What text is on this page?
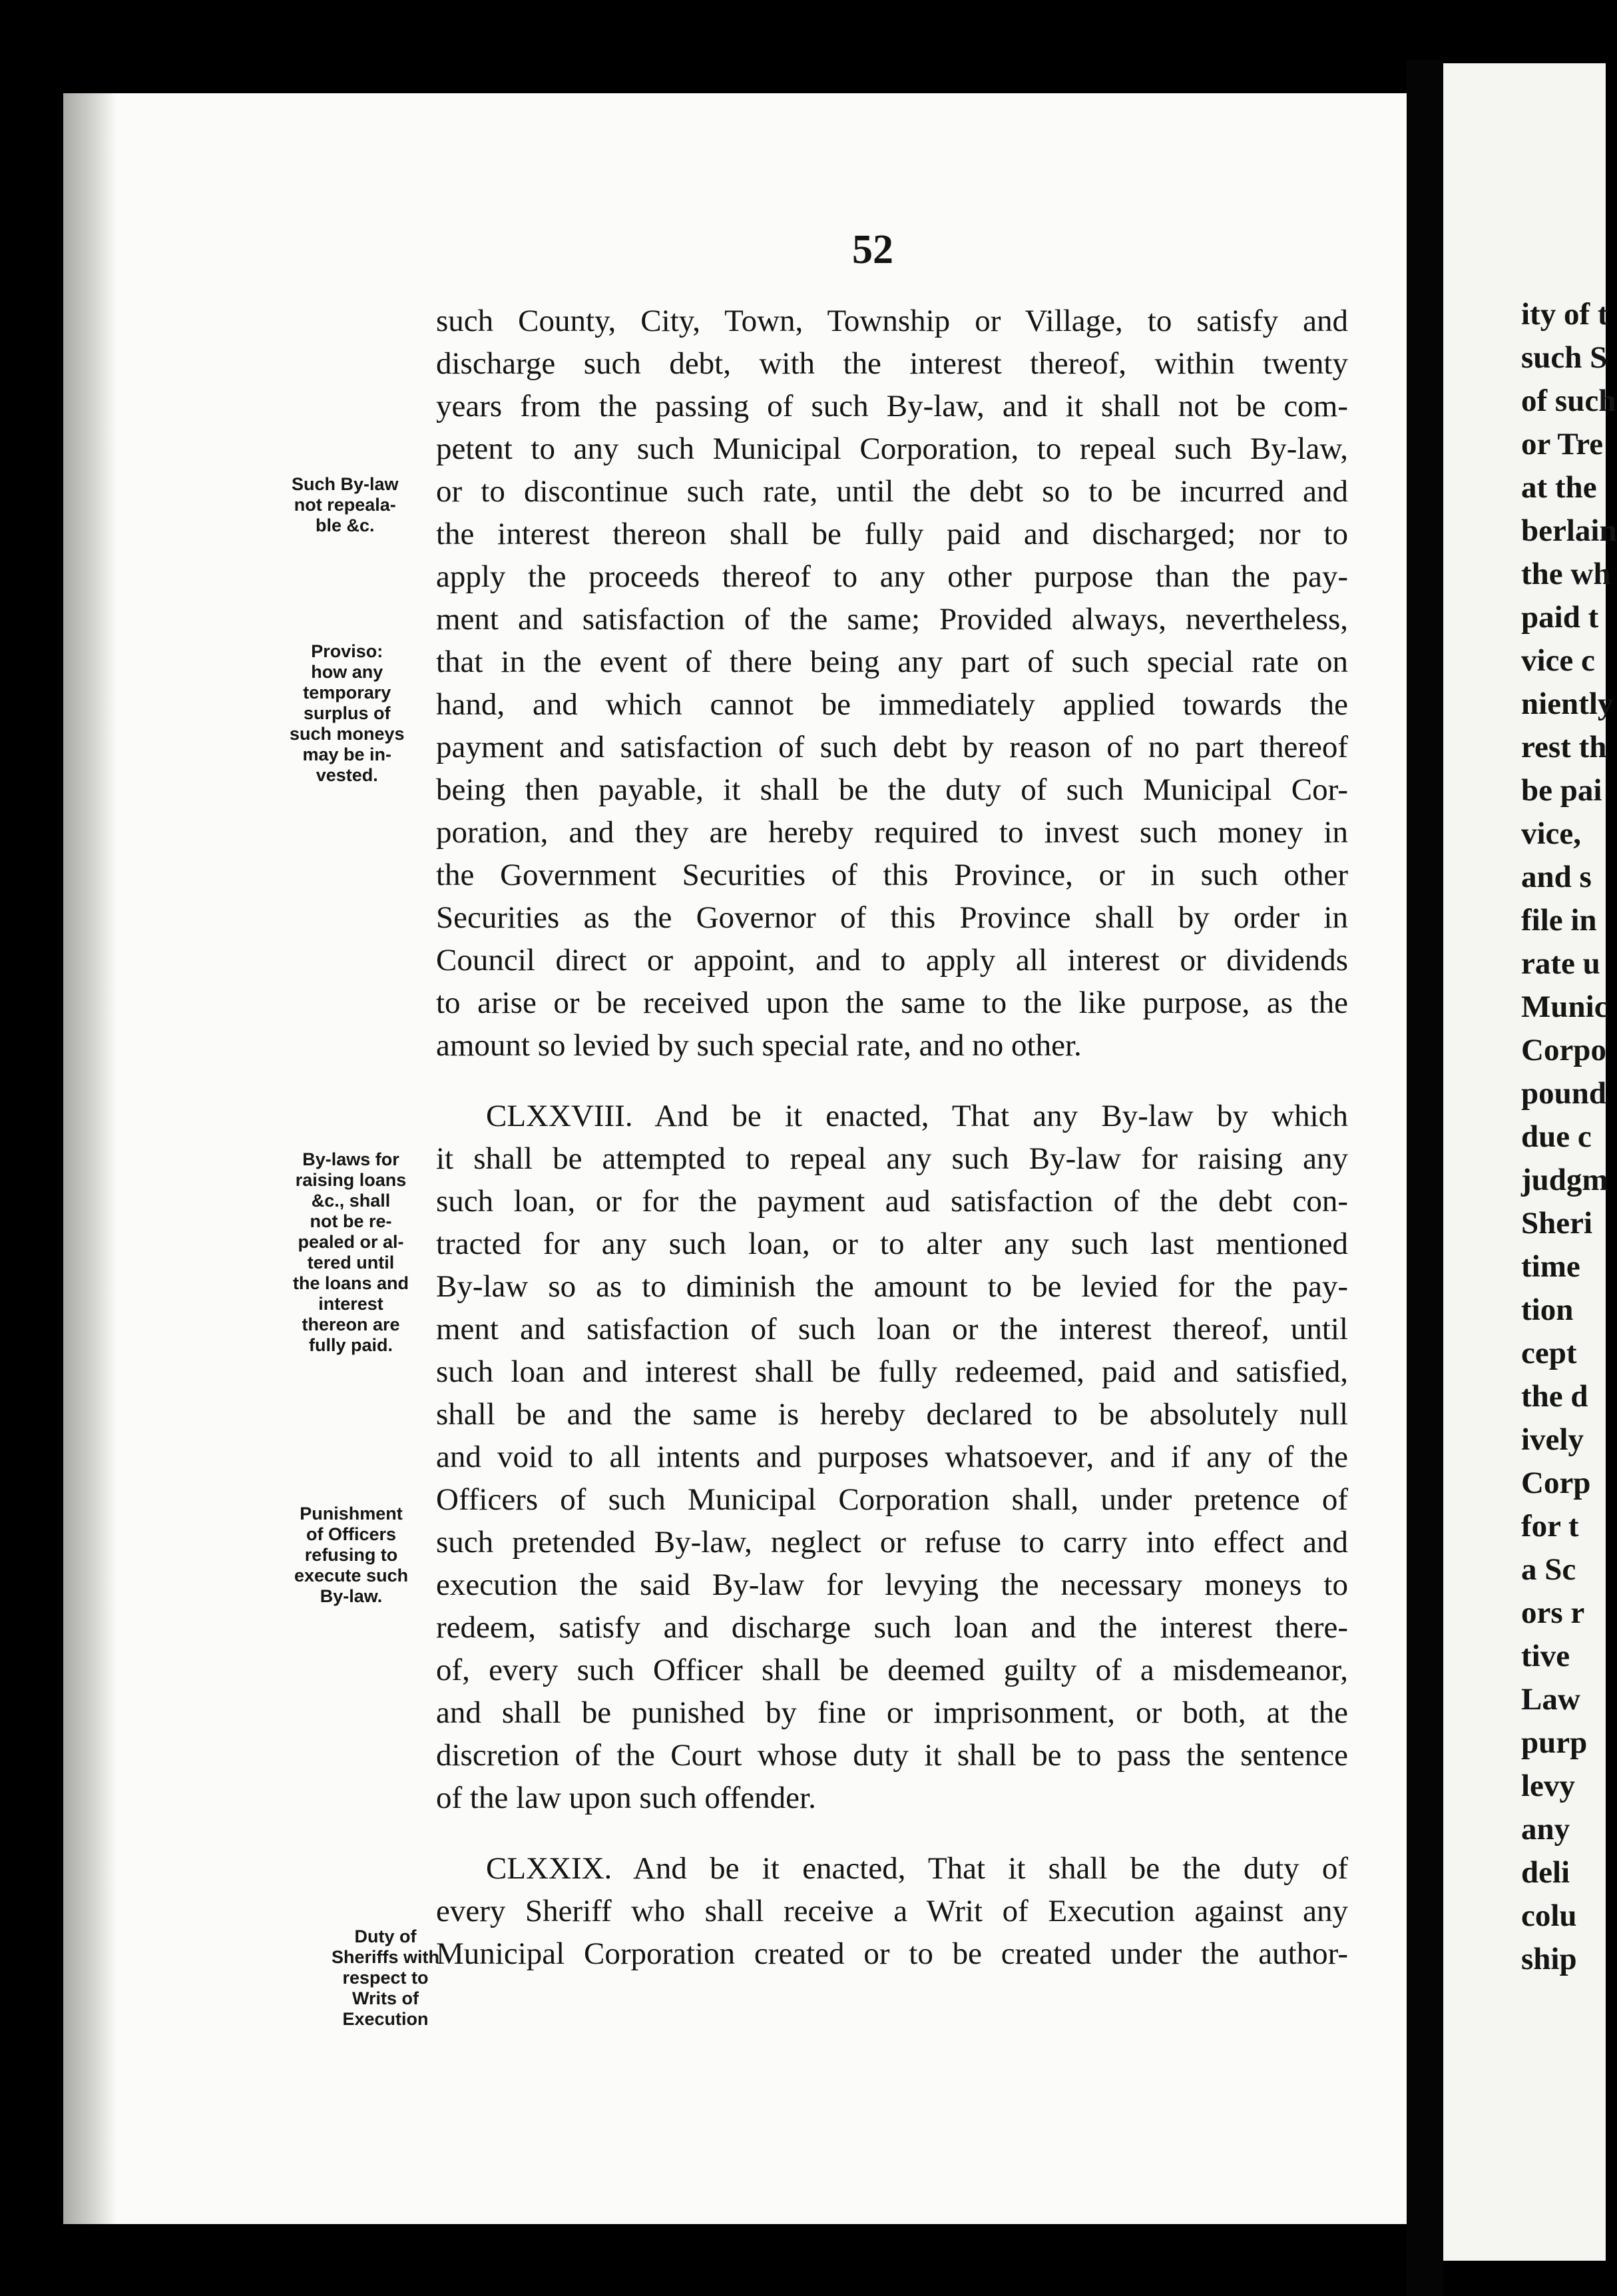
52
Such By-law
not repeala-
ble &c.
Proviso:
how any
temporary
surplus of
such moneys
may be in-
vested.
By-laws for
raising loans
&c., shall
not be re-
pealed or al-
tered until
the loans and
interest
thereon are
fully paid.
Punishment
of Officers
refusing to
execute such
By-law.
Duty of
Sheriffs with
respect to
Writs of
Execution
such County, City, Town, Township or Village, to satisfy and
discharge such debt, with the interest thereof, within twenty
years from the passing of such By-law, and it shall not be com-
petent to any such Municipal Corporation, to repeal such By-law,
or to discontinue such rate, until the debt so to be incurred and
the interest thereon shall be fully paid and discharged; nor to
apply the proceeds thereof to any other purpose than the pay-
ment and satisfaction of the same; Provided always, nevertheless,
that in the event of there being any part of such special rate on
hand, and which cannot be immediately applied towards the
payment and satisfaction of such debt by reason of no part thereof
being then payable, it shall be the duty of such Municipal Cor-
poration, and they are hereby required to invest such money in
the Government Securities of this Province, or in such other
Securities as the Governor of this Province shall by order in
Council direct or appoint, and to apply all interest or dividends
to arise or be received upon the same to the like purpose, as the
amount so levied by such special rate, and no other.
CLXXVIII. And be it enacted, That any By-law by which
it shall be attempted to repeal any such By-law for raising any
such loan, or for the payment aud satisfaction of the debt con-
tracted for any such loan, or to alter any such last mentioned
By-law so as to diminish the amount to be levied for the pay-
ment and satisfaction of such loan or the interest thereof, until
such loan and interest shall be fully redeemed, paid and satisfied,
shall be and the same is hereby declared to be absolutely null
and void to all intents and purposes whatsoever, and if any of the
Officers of such Municipal Corporation shall, under pretence of
such pretended By-law, neglect or refuse to carry into effect and
execution the said By-law for levying the necessary moneys to
redeem, satisfy and discharge such loan and the interest there-
of, every such Officer shall be deemed guilty of a misdemeanor,
and shall be punished by fine or imprisonment, or both, at the
discretion of the Court whose duty it shall be to pass the sentence
of the law upon such offender.
CLXXIX. And be it enacted, That it shall be the duty of
every Sheriff who shall receive a Writ of Execution against any
Municipal Corporation created or to be created under the author-
ity of t
such S
of such
or Tre
at the
berlain
the wh
paid t
vice c
niently
rest th
be pai
vice,
and s
file in
rate u
Munic
Corpo
pound
due c
judgm
Sheri
time
tion
cept
the d
ively
Corp
for t
a Sc
ors r
tive
Law
purp
levy
any
deli
colu
ship
